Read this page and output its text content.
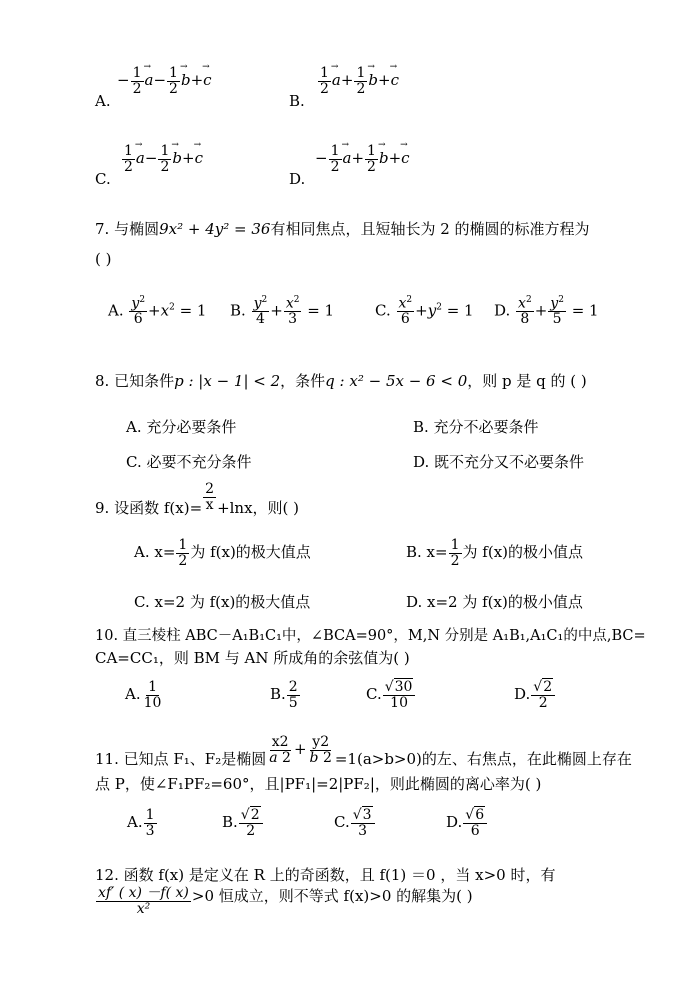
A.
− $\frac{1}{2}$ $a \to- \frac{1}{2}$ b →+c →
B.
$\frac{1}{2}$ $a \to+ \frac{1}{2}$ b →+c →
C.
$\frac{1}{2}$ $a \to- \frac{1}{2}$ b →+c →
D.
− $\frac{1}{2}$ $a \to+ \frac{1}{2}$ b →+c →
7. 与椭圆9x² + 4y² = 36有相同焦点，且短轴长为 2 的椭圆的标准方程为
( )
A. $\frac{y^2}{6} +x^2 = 1$ B. $\frac{y^2}{4} + \frac{x^2}{3} = 1$	C. $\frac{x^2}{6} +y^2 = 1$ D. $\frac{x^2}{8} + \frac{y^2}{5} = 1$
8. 已知条件p : |x − 1| < 2，条件q : x² − 5x − 6 < 0，则 p 是 q 的 ( )
A. 充分必要条件	B. 充分不必要条件
C. 必要不充分条件	D. 既不充分又不必要条件
9. 设函数 $f(x)= \frac{2}{x} +\ln x$，则( )
A. $x= \frac{1}{2}$ 为 f(x)的极大值点	B. $x= \frac{1}{2}$ 为 f(x)的极小值点
C. x=2 为 f(x)的极大值点	D. x=2 为 f(x)的极小值点
10. 直三棱柱 ABC－A₁B₁C₁中，∠BCA=90°，M,N 分别是 A₁B₁,A₁C₁的中点,BC=
CA=CC₁，则 BM 与 AN 所成角的余弦值为( )
A. $\frac{1}{10}$	B. $\frac{2}{5}$	C. $\frac{√30}{10}$	D. $\frac{√2}{2}$
11. 已知点 F₁、F₂是椭圆 $\frac{x2}{a 2} + \frac{y2}{b 2} =1(a>b>0)$的左、右焦点，在此椭圆上存在
点 P，使∠F₁PF₂=60°，且|PF₁|=2|PF₂|，则此椭圆的离心率为( )
A. $\frac{1}{3}$	B. $\frac{√2}{2}$	C. $\frac{√3}{3}$	D. $\frac{√6}{6}$
12. 函数 f(x) 是定义在 R 上的奇函数，且 f(1) ＝0 ，当 x>0 时，有
$\frac{xf' ( x) -f( x)}{\text{x²}} >0$ 恒成立，则不等式 f(x)>0 的解集为( )
